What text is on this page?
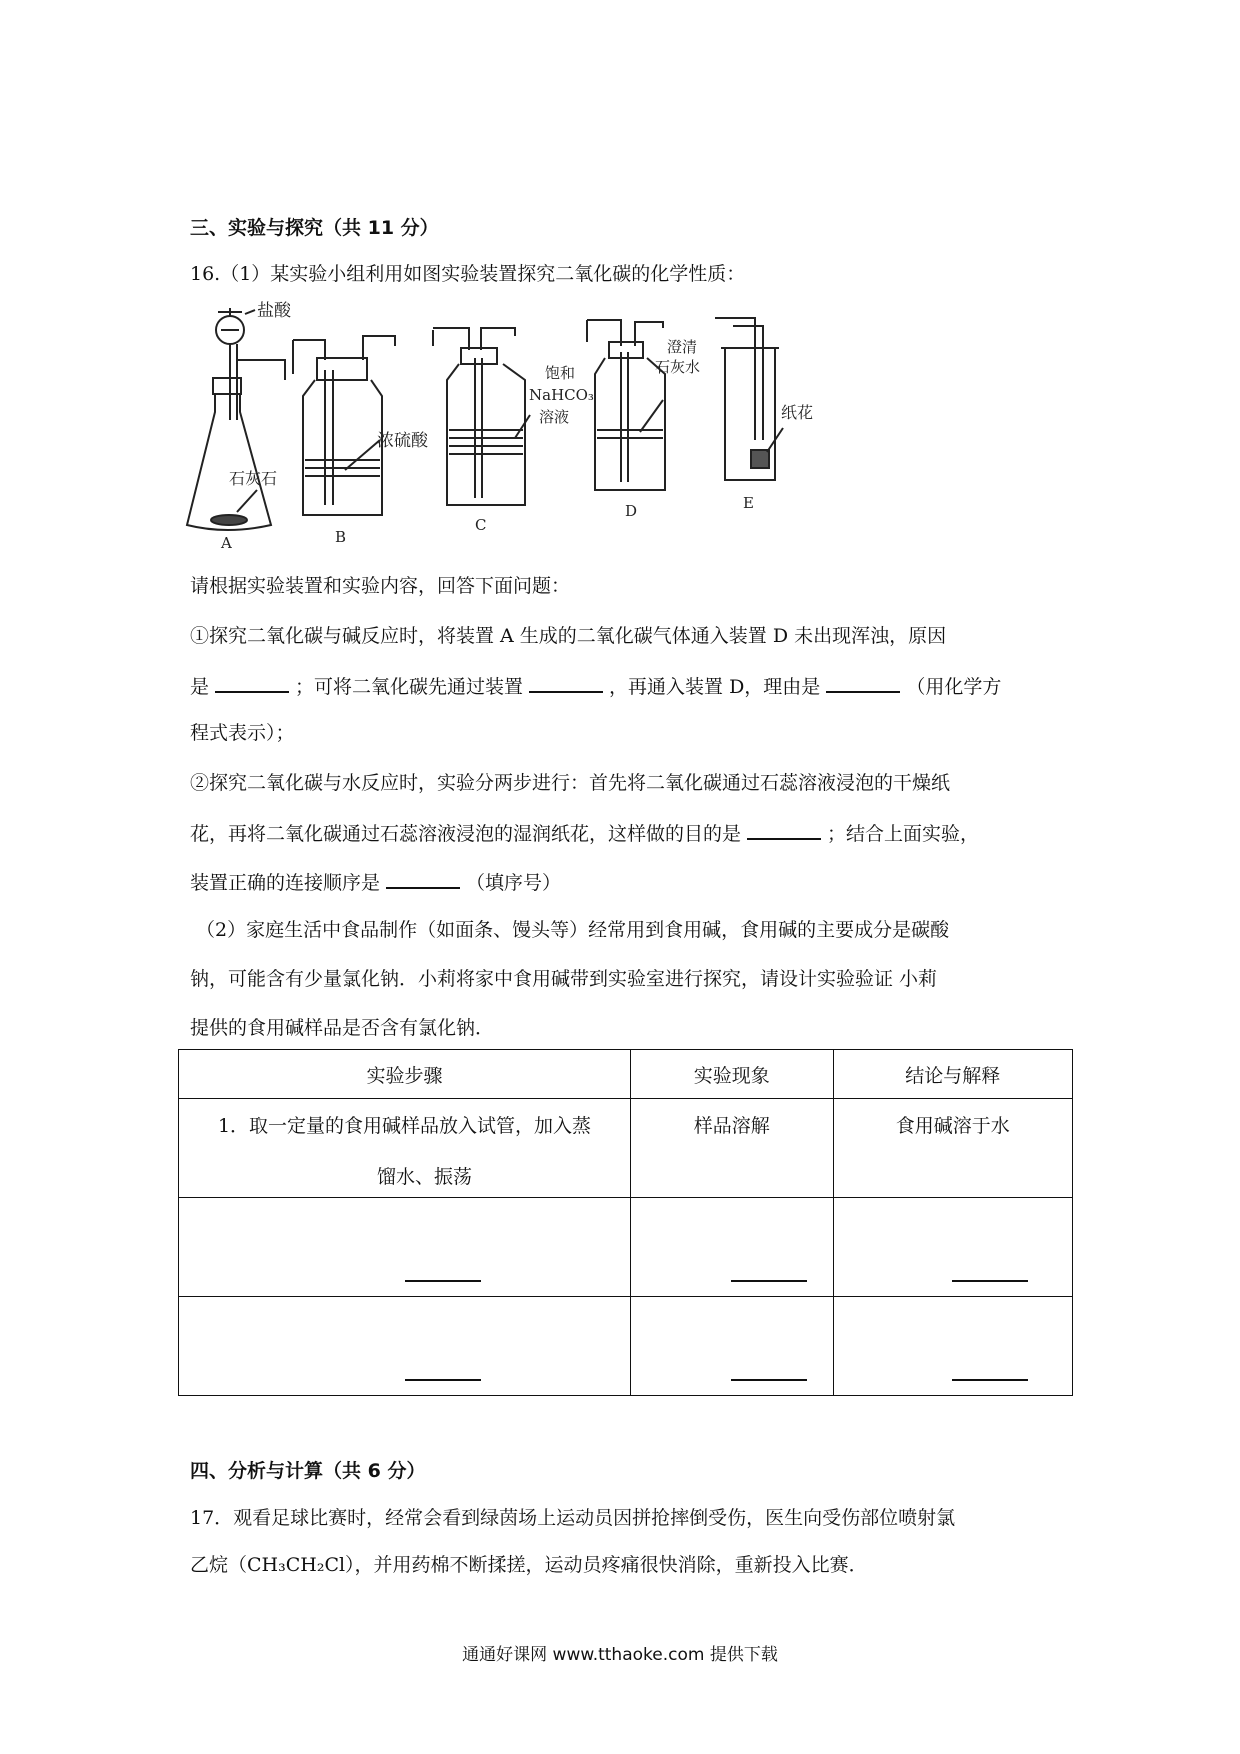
三、实验与探究（共 11 分）
16.（1）某实验小组利用如图实验装置探究二氧化碳的化学性质：
盐酸
石灰石
浓硫酸
饱和
NaHCO₃
溶液
澄清
石灰水
纸花
A	B
C
D	E
请根据实验装置和实验内容，回答下面问题：
①探究二氧化碳与碱反应时，将装置 A 生成的二氧化碳气体通入装置 D 未出现浑浊，原因
是	；可将二氧化碳先通过装置	，再通入装置 D，理由是	（用化学方
程式表示）；
②探究二氧化碳与水反应时，实验分两步进行：首先将二氧化碳通过石蕊溶液浸泡的干燥纸
花，再将二氧化碳通过石蕊溶液浸泡的湿润纸花，这样做的目的是	；结合上面实验，
装置正确的连接顺序是	（填序号）
（2）家庭生活中食品制作（如面条、馒头等）经常用到食用碱，食用碱的主要成分是碳酸
钠，可能含有少量氯化钠．小莉将家中食用碱带到实验室进行探究，请设计实验验证 小莉
提供的食用碱样品是否含有氯化钠．
实验步骤	实验现象	结论与解释

1．取一定量的食用碱样品放入试管，加入蒸
馏水、振荡	样品溶解	食用碱溶于水

四、分析与计算（共 6 分）
17．观看足球比赛时，经常会看到绿茵场上运动员因拼抢摔倒受伤，医生向受伤部位喷射氯
乙烷（CH₃CH₂Cl），并用药棉不断揉搓，运动员疼痛很快消除，重新投入比赛．
通通好课网 www.tthaoke.com 提供下载
